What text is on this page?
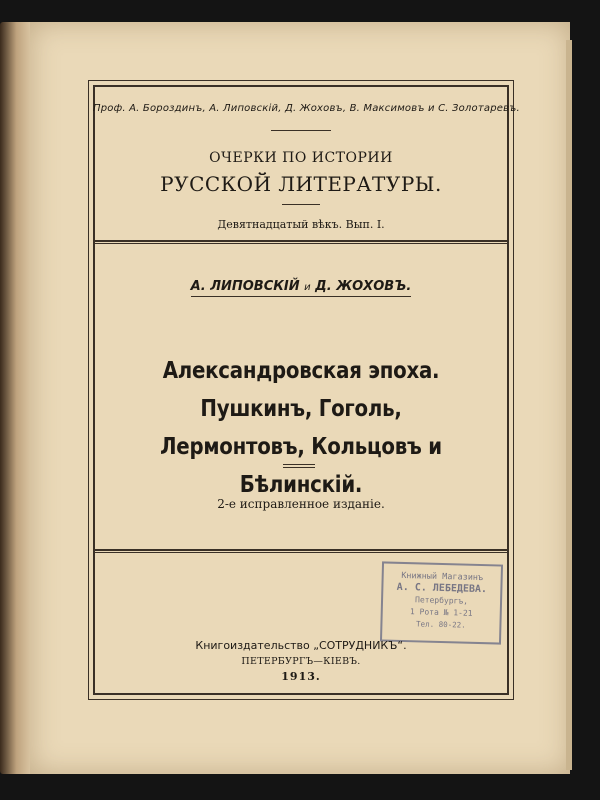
Проф. А. Бороздинъ, А. Липовскій, Д. Жоховъ, В. Максимовъ и С. Золотаревъ.
ОЧЕРКИ ПО ИСТОРИИ
РУССКОЙ ЛИТЕРАТУРЫ.
Девятнадцатый вѣкъ. Вып. I.
А. ЛИПОВСКІЙ и Д. ЖОХОВЪ.
Александровская эпоха. Пушкинъ, Гоголь,
Лермонтовъ, Кольцовъ и Бѣлинскій.
2-е исправленное изданіе.
Книжный Магазинъ
А. С. ЛЕБЕДЕВА.
Петербургъ,
1 Рота № 1-21
Тел. 80-22.
Книгоиздательство „СОТРУДНИКЪ“.
ПЕТЕРБУРГЪ—КІЕВЪ.
1913.
